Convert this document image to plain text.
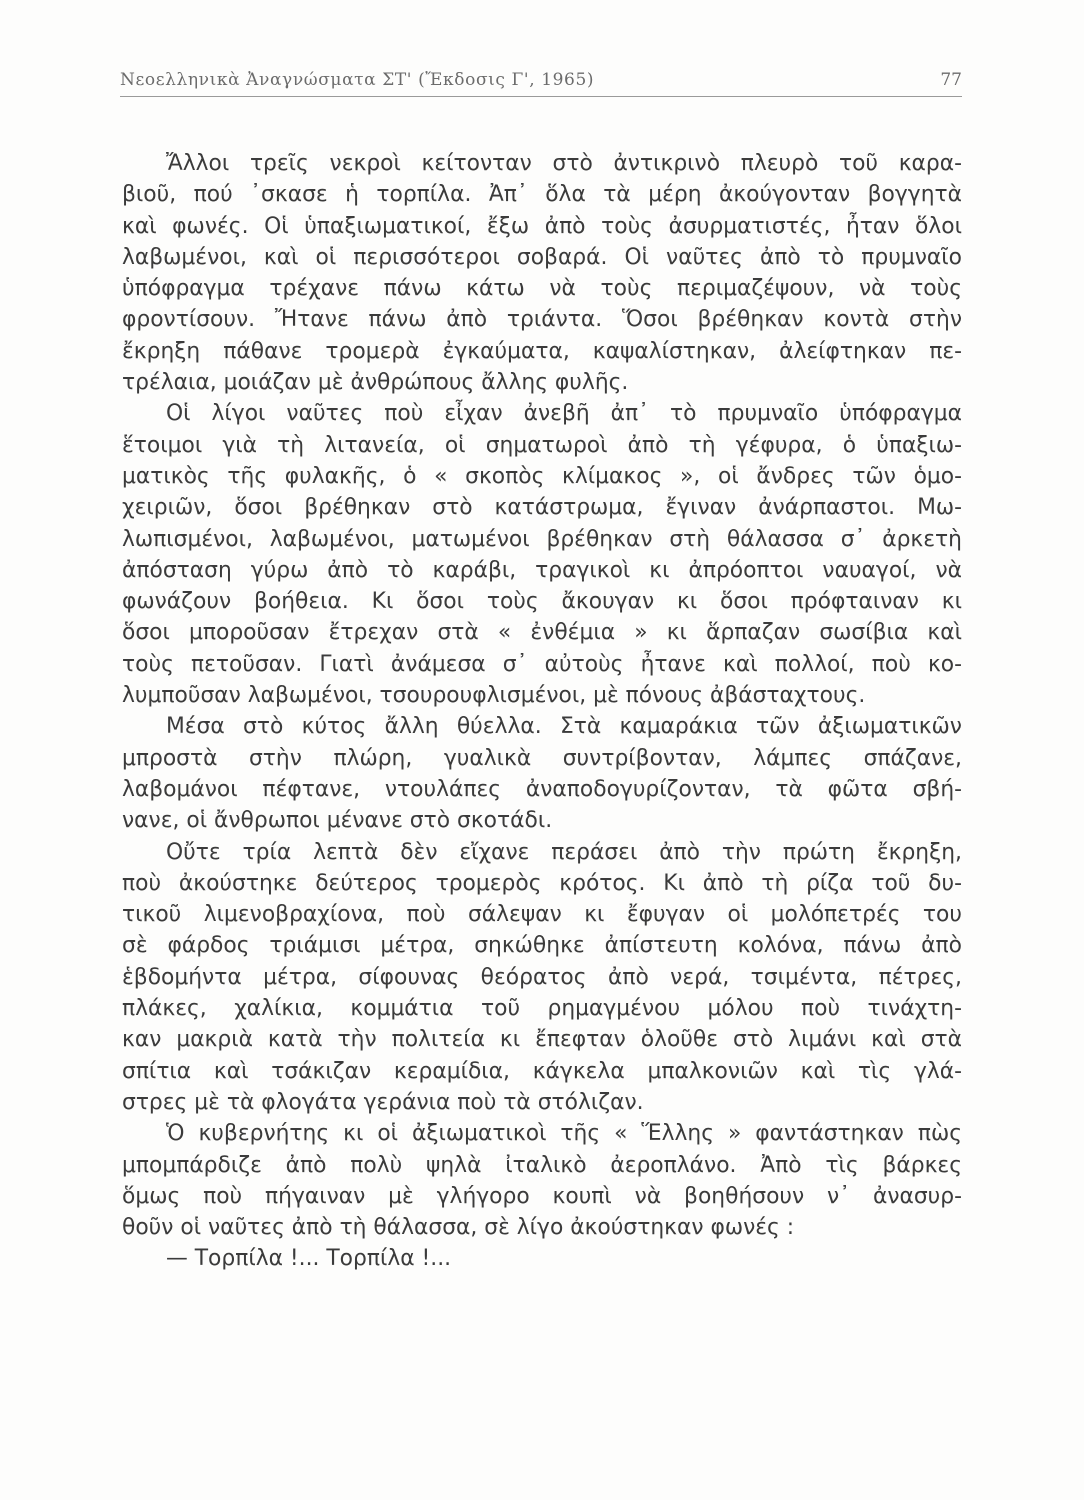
Νεοελληνικὰ Ἀναγνώσματα ΣΤ' (Ἔκδοσις Γ', 1965)	77
Ἄλλοι τρεῖς νεκροὶ κείτονταν στὸ ἀντικρινὸ πλευρὸ τοῦ καρα-
βιοῦ, πού ᾽σκασε ἡ τορπίλα. Ἀπ᾽ ὅλα τὰ μέρη ἀκούγονταν βογγητὰ
καὶ φωνές. Οἱ ὑπαξιωματικοί, ἔξω ἀπὸ τοὺς ἀσυρματιστές, ἦταν ὅλοι
λαβωμένοι, καὶ οἱ περισσότεροι σοβαρά. Οἱ ναῦτες ἀπὸ τὸ πρυμναῖο
ὑπόφραγμα τρέχανε πάνω κάτω νὰ τοὺς περιμαζέψουν, νὰ τοὺς
φροντίσουν. Ἤτανε πάνω ἀπὸ τριάντα. Ὅσοι βρέθηκαν κοντὰ στὴν
ἔκρηξη πάθανε τρομερὰ ἐγκαύματα, καψαλίστηκαν, ἀλείφτηκαν πε-
τρέλαια, μοιάζαν μὲ ἀνθρώπους ἄλλης φυλῆς.
Οἱ λίγοι ναῦτες ποὺ εἶχαν ἀνεβῆ ἀπ᾽ τὸ πρυμναῖο ὑπόφραγμα
ἕτοιμοι γιὰ τὴ λιτανεία, οἱ σηματωροὶ ἀπὸ τὴ γέφυρα, ὁ ὑπαξιω-
ματικὸς τῆς φυλακῆς, ὁ « σκοπὸς κλίμακος », οἱ ἄνδρες τῶν ὁμο-
χειριῶν, ὅσοι βρέθηκαν στὸ κατάστρωμα, ἔγιναν ἀνάρπαστοι. Μω-
λωπισμένοι, λαβωμένοι, ματωμένοι βρέθηκαν στὴ θάλασσα σ᾽ ἀρκετὴ
ἀπόσταση γύρω ἀπὸ τὸ καράβι, τραγικοὶ κι ἀπρόοπτοι ναυαγοί, νὰ
φωνάζουν βοήθεια. Κι ὅσοι τοὺς ἄκουγαν κι ὅσοι πρόφταιναν κι
ὅσοι μποροῦσαν ἔτρεχαν στὰ « ἐνθέμια » κι ἅρπαζαν σωσίβια καὶ
τοὺς πετοῦσαν. Γιατὶ ἀνάμεσα σ᾽ αὐτοὺς ἦτανε καὶ πολλοί, ποὺ κο-
λυμποῦσαν λαβωμένοι, τσουρουφλισμένοι, μὲ πόνους ἀβάσταχτους.
Μέσα στὸ κύτος ἄλλη θύελλα. Στὰ καμαράκια τῶν ἀξιωματικῶν
μπροστὰ στὴν πλώρη, γυαλικὰ συντρίβονταν, λάμπες σπάζανε,
λαβομάνοι πέφτανε, ντουλάπες ἀναποδογυρίζονταν, τὰ φῶτα σβή-
νανε, οἱ ἄνθρωποι μένανε στὸ σκοτάδι.
Οὔτε τρία λεπτὰ δὲν εἴχανε περάσει ἀπὸ τὴν πρώτη ἔκρηξη,
ποὺ ἀκούστηκε δεύτερος τρομερὸς κρότος. Κι ἀπὸ τὴ ρίζα τοῦ δυ-
τικοῦ λιμενοβραχίονα, ποὺ σάλεψαν κι ἔφυγαν οἱ μολόπετρές του
σὲ φάρδος τριάμισι μέτρα, σηκώθηκε ἀπίστευτη κολόνα, πάνω ἀπὸ
ἑβδομήντα μέτρα, σίφουνας θεόρατος ἀπὸ νερά, τσιμέντα, πέτρες,
πλάκες, χαλίκια, κομμάτια τοῦ ρημαγμένου μόλου ποὺ τινάχτη-
καν μακριὰ κατὰ τὴν πολιτεία κι ἔπεφταν ὁλοῦθε στὸ λιμάνι καὶ στὰ
σπίτια καὶ τσάκιζαν κεραμίδια, κάγκελα μπαλκονιῶν καὶ τὶς γλά-
στρες μὲ τὰ φλογάτα γεράνια ποὺ τὰ στόλιζαν.
Ὁ κυβερνήτης κι οἱ ἀξιωματικοὶ τῆς « Ἕλλης » φαντάστηκαν πὼς
μπομπάρδιζε ἀπὸ πολὺ ψηλὰ ἰταλικὸ ἀεροπλάνο. Ἀπὸ τὶς βάρκες
ὅμως ποὺ πήγαιναν μὲ γλήγορο κουπὶ νὰ βοηθήσουν ν᾽ ἀνασυρ-
θοῦν οἱ ναῦτες ἀπὸ τὴ θάλασσα, σὲ λίγο ἀκούστηκαν φωνές :
— Τορπίλα !... Τορπίλα !...
